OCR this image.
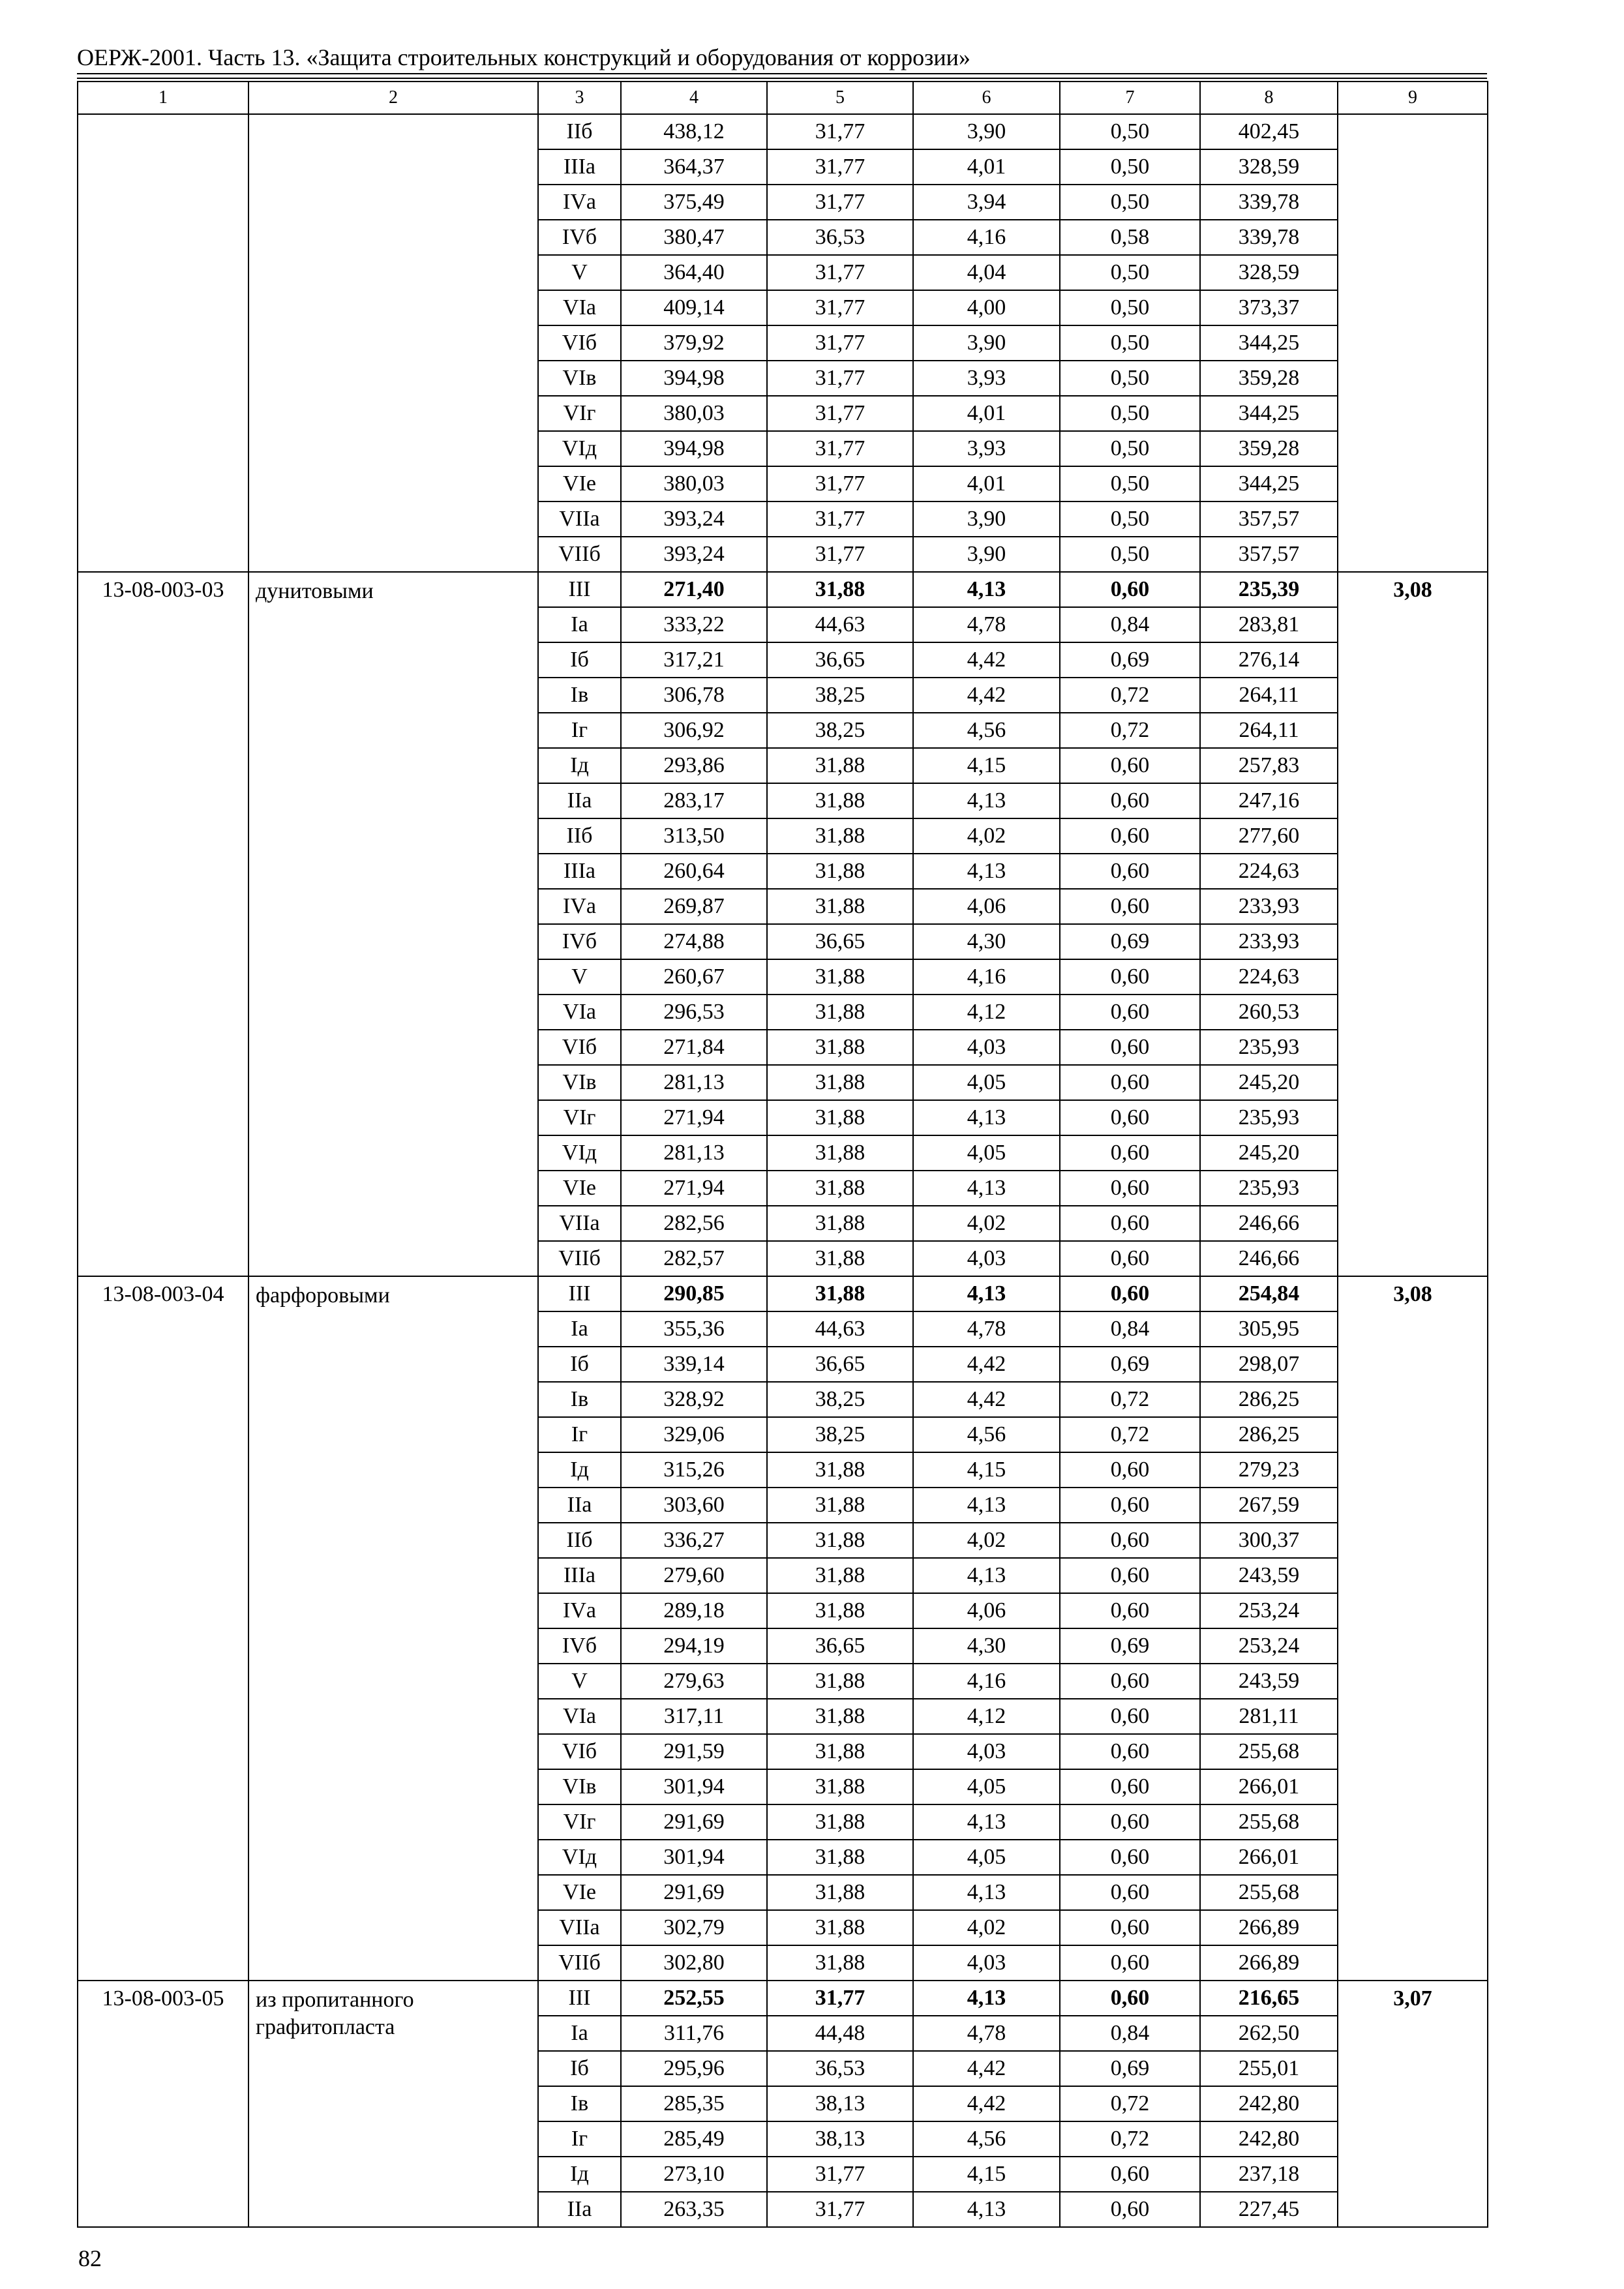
ОЕРЖ-2001. Часть 13. «Защита строительных конструкций и оборудования от коррозии»
1	2	3	4	5	6	7	8	9
		IIб	438,12	31,77	3,90	0,50	402,45	
		IIIа	364,37	31,77	4,01	0,50	328,59	
		IVа	375,49	31,77	3,94	0,50	339,78	
		IVб	380,47	36,53	4,16	0,58	339,78	
		V	364,40	31,77	4,04	0,50	328,59	
		VIа	409,14	31,77	4,00	0,50	373,37	
		VIб	379,92	31,77	3,90	0,50	344,25	
		VIв	394,98	31,77	3,93	0,50	359,28	
		VIг	380,03	31,77	4,01	0,50	344,25	
		VIд	394,98	31,77	3,93	0,50	359,28	
		VIе	380,03	31,77	4,01	0,50	344,25	
		VIIа	393,24	31,77	3,90	0,50	357,57	
		VIIб	393,24	31,77	3,90	0,50	357,57	
13-08-003-03	дунитовыми	III	271,40	31,88	4,13	0,60	235,39	3,08
		Iа	333,22	44,63	4,78	0,84	283,81	
		Iб	317,21	36,65	4,42	0,69	276,14	
		Iв	306,78	38,25	4,42	0,72	264,11	
		Iг	306,92	38,25	4,56	0,72	264,11	
		Iд	293,86	31,88	4,15	0,60	257,83	
		IIа	283,17	31,88	4,13	0,60	247,16	
		IIб	313,50	31,88	4,02	0,60	277,60	
		IIIа	260,64	31,88	4,13	0,60	224,63	
		IVа	269,87	31,88	4,06	0,60	233,93	
		IVб	274,88	36,65	4,30	0,69	233,93	
		V	260,67	31,88	4,16	0,60	224,63	
		VIа	296,53	31,88	4,12	0,60	260,53	
		VIб	271,84	31,88	4,03	0,60	235,93	
		VIв	281,13	31,88	4,05	0,60	245,20	
		VIг	271,94	31,88	4,13	0,60	235,93	
		VIд	281,13	31,88	4,05	0,60	245,20	
		VIе	271,94	31,88	4,13	0,60	235,93	
		VIIа	282,56	31,88	4,02	0,60	246,66	
		VIIб	282,57	31,88	4,03	0,60	246,66	
13-08-003-04	фарфоровыми	III	290,85	31,88	4,13	0,60	254,84	3,08
		Iа	355,36	44,63	4,78	0,84	305,95	
		Iб	339,14	36,65	4,42	0,69	298,07	
		Iв	328,92	38,25	4,42	0,72	286,25	
		Iг	329,06	38,25	4,56	0,72	286,25	
		Iд	315,26	31,88	4,15	0,60	279,23	
		IIа	303,60	31,88	4,13	0,60	267,59	
		IIб	336,27	31,88	4,02	0,60	300,37	
		IIIа	279,60	31,88	4,13	0,60	243,59	
		IVа	289,18	31,88	4,06	0,60	253,24	
		IVб	294,19	36,65	4,30	0,69	253,24	
		V	279,63	31,88	4,16	0,60	243,59	
		VIа	317,11	31,88	4,12	0,60	281,11	
		VIб	291,59	31,88	4,03	0,60	255,68	
		VIв	301,94	31,88	4,05	0,60	266,01	
		VIг	291,69	31,88	4,13	0,60	255,68	
		VIд	301,94	31,88	4,05	0,60	266,01	
		VIе	291,69	31,88	4,13	0,60	255,68	
		VIIа	302,79	31,88	4,02	0,60	266,89	
		VIIб	302,80	31,88	4,03	0,60	266,89	
13-08-003-05	из пропитанного графитопласта	III	252,55	31,77	4,13	0,60	216,65	3,07
		Iа	311,76	44,48	4,78	0,84	262,50	
		Iб	295,96	36,53	4,42	0,69	255,01	
		Iв	285,35	38,13	4,42	0,72	242,80	
		Iг	285,49	38,13	4,56	0,72	242,80	
		Iд	273,10	31,77	4,15	0,60	237,18	
		IIа	263,35	31,77	4,13	0,60	227,45	
82
